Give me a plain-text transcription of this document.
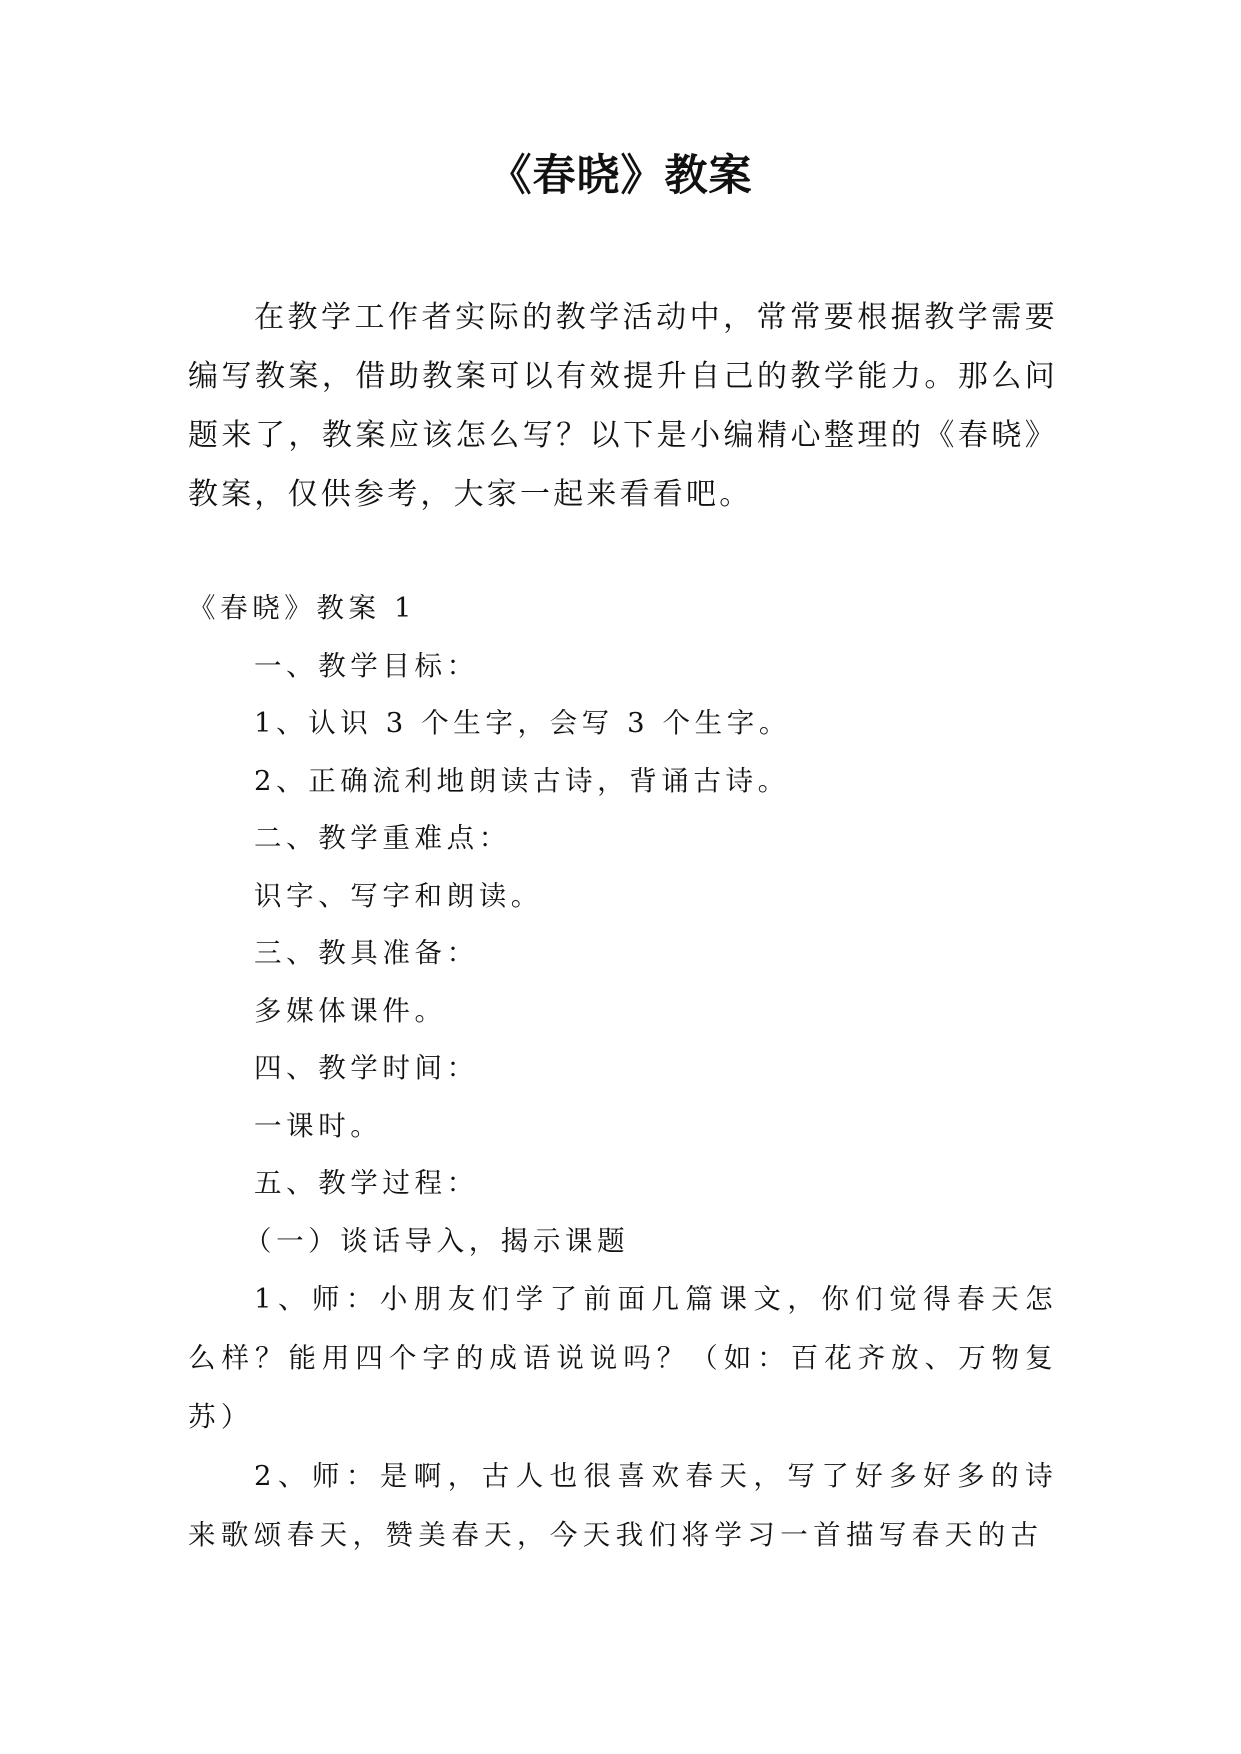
《春晓》教案

在教学工作者实际的教学活动中，常常要根据教学需要编写教案，借助教案可以有效提升自己的教学能力。那么问题来了，教案应该怎么写？以下是小编精心整理的《春晓》教案，仅供参考，大家一起来看看吧。

《春晓》教案 1

一、教学目标：

1、认识 3 个生字，会写 3 个生字。

2、正确流利地朗读古诗，背诵古诗。

二、教学重难点：

识字、写字和朗读。

三、教具准备：

多媒体课件。

四、教学时间：

一课时。

五、教学过程：

（一）谈话导入，揭示课题

1、师：小朋友们学了前面几篇课文，你们觉得春天怎么样？能用四个字的成语说说吗？（如：百花齐放、万物复苏）

2、师：是啊，古人也很喜欢春天，写了好多好多的诗来歌颂春天，赞美春天，今天我们将学习一首描写春天的古
